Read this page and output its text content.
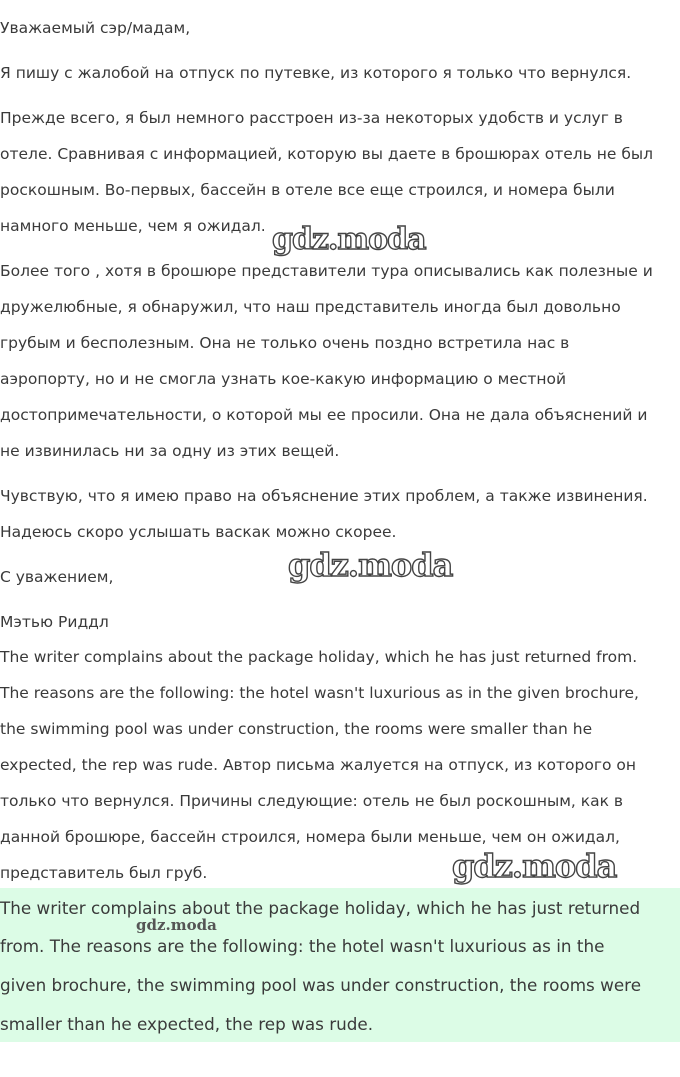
Уважаемый сэр/мадам,
Я пишу с жалобой на отпуск по путевке, из которого я только что вернулся.
Прежде всего, я был немного расстроен из-за некоторых удобств и услуг в
отеле. Сравнивая с информацией, которую вы даете в брошюрах отель не был
роскошным. Во-первых, бассейн в отеле все еще строился, и номера были
намного меньше, чем я ожидал.
Более того , хотя в брошюре представители тура описывались как полезные и
дружелюбные, я обнаружил, что наш представитель иногда был довольно
грубым и бесполезным. Она не только очень поздно встретила нас в
аэропорту, но и не смогла узнать кое-какую информацию о местной
достопримечательности, о которой мы ее просили. Она не дала объяснений и
не извинилась ни за одну из этих вещей.
Чувствую, что я имею право на объяснение этих проблем, а также извинения.
Надеюсь скоро услышать васкак можно скорее.
С уважением,
Мэтью Риддл
The writer complains about the package holiday, which he has just returned from.
The reasons are the following: the hotel wasn't luxurious as in the given brochure,
the swimming pool was under construction, the rooms were smaller than he
expected, the rep was rude. Автор письма жалуется на отпуск, из которого он
только что вернулся. Причины следующие: отель не был роскошным, как в
данной брошюре, бассейн строился, номера были меньше, чем он ожидал,
представитель был груб.
The writer complains about the package holiday, which he has just returned
from. The reasons are the following: the hotel wasn't luxurious as in the
given brochure, the swimming pool was under construction, the rooms were
smaller than he expected, the rep was rude.
gdz.moda
gdz.moda
gdz.moda
gdz.moda
